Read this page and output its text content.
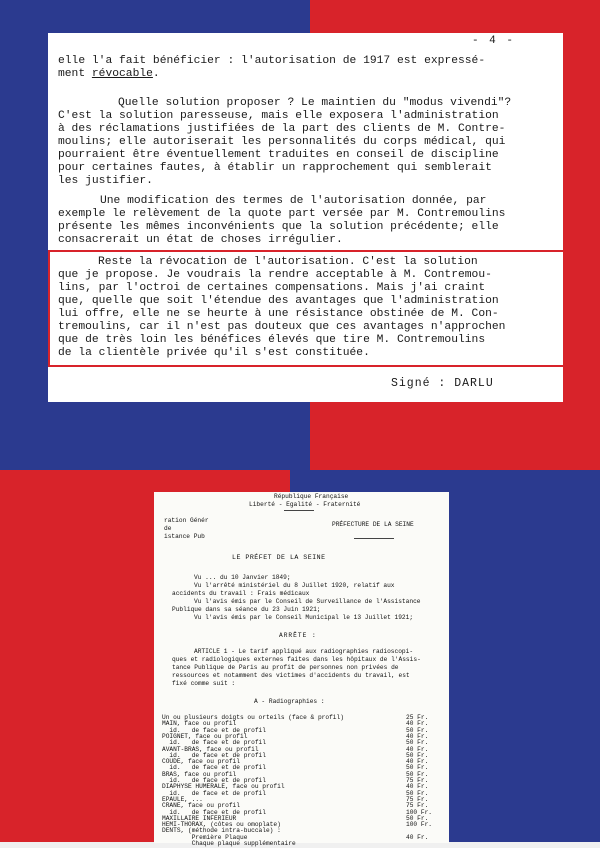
- 4 -
elle l'a fait bénéficier : l'autorisation de 1917 est expressé-
ment révocable.
Quelle solution proposer ? Le maintien du "modus vivendi"?
C'est la solution paresseuse, mais elle exposera l'administration
à des réclamations justifiées de la part des clients de M. Contre-
moulins; elle autoriserait les personnalités du corps médical, qui
pourraient être éventuellement traduites en conseil de discipline
pour certaines fautes, à établir un rapprochement qui semblerait
les justifier.
Une modification des termes de l'autorisation donnée, par
exemple le relèvement de la quote part versée par M. Contremoulins
présente les mêmes inconvénients que la solution précédente; elle
consacrerait un état de choses irrégulier.
Reste la révocation de l'autorisation. C'est la solution
que je propose. Je voudrais la rendre acceptable à M. Contremou-
lins, par l'octroi de certaines compensations. Mais j'ai craint
que, quelle que soit l'étendue des avantages que l'administration
lui offre, elle ne se heurte à une résistance obstinée de M. Con-
tremoulins, car il n'est pas douteux que ces avantages n'approchen
que de très loin les bénéfices élevés que tire M. Contremoulins
de la clientèle privée qu'il s'est constituée.
Signé : DARLU
République Française
Liberté - Egalité - Fraternité
ration Génér
de
istance Pub
PRÉFECTURE DE LA SEINE
LE PRÉFET DE LA SEINE
Vu ... du 10 Janvier 1849;
Vu l'arrêté ministériel du 8 Juillet 1920, relatif aux
accidents du travail : Frais médicaux
Vu l'avis émis par le Conseil de Surveillance de l'Assistance
Publique dans sa séance du 23 Juin 1921;
Vu l'avis émis par le Conseil Municipal le 13 Juillet 1921;
ARRÊTE :
ARTICLE 1 - Le tarif appliqué aux radiographies radioscopi-
ques et radiologiques externes faites dans les hôpitaux de l'Assis-
tance Publique de Paris au profit de personnes non privées de
ressources et notamment des victimes d'accidents du travail, est
fixé comme suit :
A - Radiographies :
Un ou plusieurs doigts ou orteils (face & profil)	25 Fr.
MAIN, face ou profil	40 Fr.
id.   de face et de profil	50 Fr.
POIGNET, face ou profil	40 Fr.
id.   de face et de profil	50 Fr.
AVANT-BRAS, face ou profil	40 Fr.
id.   de face et de profil	50 Fr.
COUDE, face ou profil	40 Fr.
id.   de face et de profil	50 Fr.
BRAS, face ou profil	50 Fr.
id.   de face et de profil	75 Fr.
DIAPHYSE HUMERALE, face ou profil	40 Fr.
id.   de face et de profil	50 Fr.
EPAULE, ...	75 Fr.
CRANE, face ou profil	75 Fr.
id.   de face et de profil	100 Fr.
MAXILLAIRE INFERIEUR	50 Fr.
HEMI-THORAX, (côtes ou omoplate)	100 Fr.
DENTS, (méthode intra-buccale) :
Première Plaque	40 Fr.
Chaque plaque supplémentaire
